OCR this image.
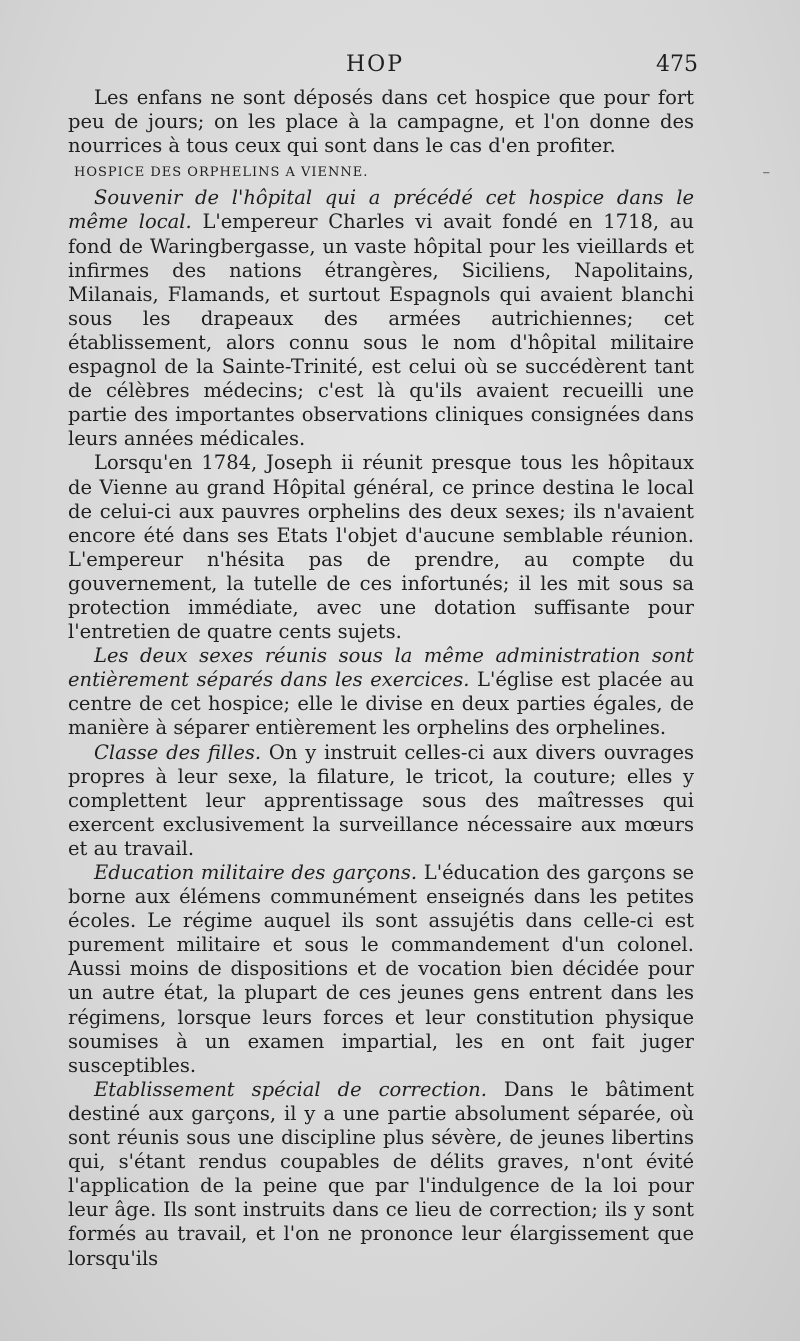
HOP	475
⁻

Les enfans ne sont déposés dans cet hospice que pour fort peu de jours; on les place à la campagne, et l'on donne des nourrices à tous ceux qui sont dans le cas d'en profiter.

HOSPICE DES ORPHELINS A VIENNE.

Souvenir de l'hôpital qui a précédé cet hospice dans le même local. L'empereur Charles vi avait fondé en 1718, au fond de Waringbergasse, un vaste hôpital pour les vieillards et infirmes des nations étrangères, Siciliens, Napolitains, Milanais, Flamands, et surtout Espagnols qui avaient blanchi sous les drapeaux des armées autrichiennes; cet établissement, alors connu sous le nom d'hôpital militaire espagnol de la Sainte-Trinité, est celui où se succédèrent tant de célèbres médecins; c'est là qu'ils avaient recueilli une partie des importantes observations cliniques consignées dans leurs années médicales.

Lorsqu'en 1784, Joseph ii réunit presque tous les hôpitaux de Vienne au grand Hôpital général, ce prince destina le local de celui-ci aux pauvres orphelins des deux sexes; ils n'avaient encore été dans ses Etats l'objet d'aucune semblable réunion. L'empereur n'hésita pas de prendre, au compte du gouvernement, la tutelle de ces infortunés; il les mit sous sa protection immédiate, avec une dotation suffisante pour l'entretien de quatre cents sujets.

Les deux sexes réunis sous la même administration sont entièrement séparés dans les exercices. L'église est placée au centre de cet hospice; elle le divise en deux parties égales, de manière à séparer entièrement les orphelins des orphelines.

Classe des filles. On y instruit celles-ci aux divers ouvrages propres à leur sexe, la filature, le tricot, la couture; elles y complettent leur apprentissage sous des maîtresses qui exercent exclusivement la surveillance nécessaire aux mœurs et au travail.

Education militaire des garçons. L'éducation des garçons se borne aux élémens communément enseignés dans les petites écoles. Le régime auquel ils sont assujétis dans celle-ci est purement militaire et sous le commandement d'un colonel. Aussi moins de dispositions et de vocation bien décidée pour un autre état, la plupart de ces jeunes gens entrent dans les régimens, lorsque leurs forces et leur constitution physique soumises à un examen impartial, les en ont fait juger susceptibles.

Etablissement spécial de correction. Dans le bâtiment destiné aux garçons, il y a une partie absolument séparée, où sont réunis sous une discipline plus sévère, de jeunes libertins qui, s'étant rendus coupables de délits graves, n'ont évité l'application de la peine que par l'indulgence de la loi pour leur âge. Ils sont instruits dans ce lieu de correction; ils y sont formés au travail, et l'on ne prononce leur élargissement que lorsqu'ils
